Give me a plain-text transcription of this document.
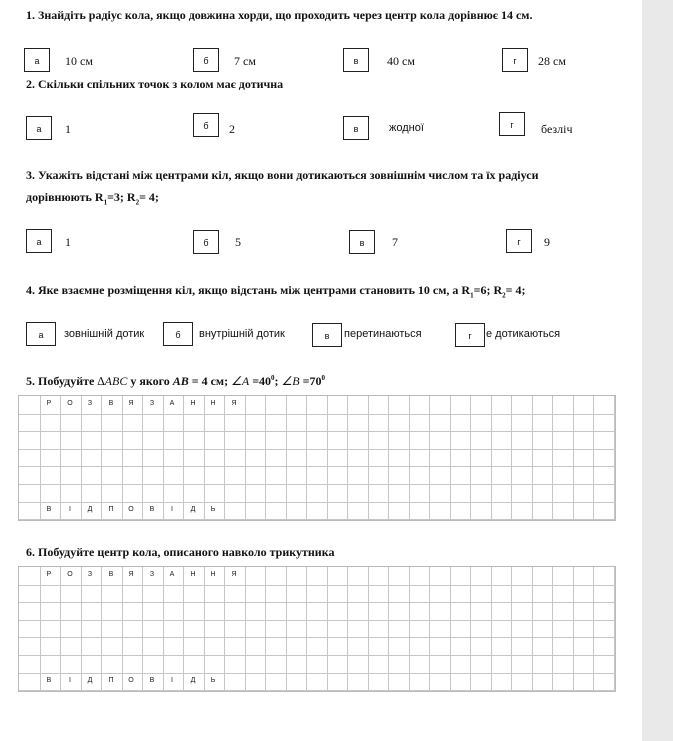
1. Знайдіть радіус кола, якщо довжина хорди, що проходить через центр кола дорівнює 14 см.
а	10 см	б	7 см	в	40 см	г	28 см
2. Скільки спільних точок з колом має дотична
а	1	б	2	в	жодної	г	безліч
3. Укажіть відстані між центрами кіл, якщо вони дотикаються зовнішнім числом та їх радіуси
дорівнюють $R_1=3$; $R_2= 4$;
а	1	б	5	в	7	г	9
4. Яке взаємне розміщення кіл, якщо відстань між центрами становить 10 см, а $R_1=6$; $R_2= 4$;
а	зовнішній дотик	б	внутрішній дотик	в	перетинаються	г	е дотикаються
5. Побудуйте ∆ABC у якого AB = 4 см; ∠A $=40^0$; ∠B $=70^0$
Р	О	З	В	Я	З	А	Н	Н	Я
В	І	Д	П	О	В	І	Д	Ь
6. Побудуйте центр кола, описаного навколо трикутника
Р	О	З	В	Я	З	А	Н	Н	Я
В	І	Д	П	О	В	І	Д	Ь
